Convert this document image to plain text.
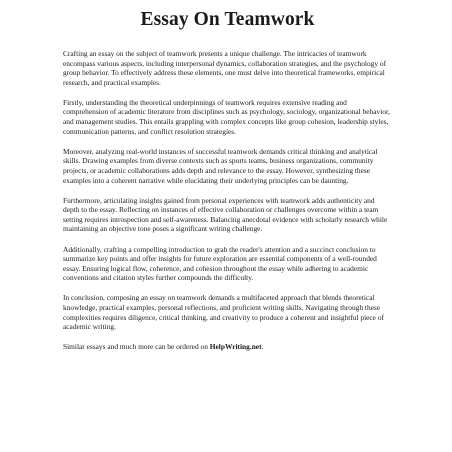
Essay On Teamwork

Crafting an essay on the subject of teamwork presents a unique challenge. The intricacies of teamwork encompass various aspects, including interpersonal dynamics, collaboration strategies, and the psychology of group behavior. To effectively address these elements, one must delve into theoretical frameworks, empirical research, and practical examples.

Firstly, understanding the theoretical underpinnings of teamwork requires extensive reading and comprehension of academic literature from disciplines such as psychology, sociology, organizational behavior, and management studies. This entails grappling with complex concepts like group cohesion, leadership styles, communication patterns, and conflict resolution strategies.

Moreover, analyzing real-world instances of successful teamwork demands critical thinking and analytical skills. Drawing examples from diverse contexts such as sports teams, business organizations, community projects, or academic collaborations adds depth and relevance to the essay. However, synthesizing these examples into a coherent narrative while elucidating their underlying principles can be daunting.

Furthermore, articulating insights gained from personal experiences with teamwork adds authenticity and depth to the essay. Reflecting on instances of effective collaboration or challenges overcome within a team setting requires introspection and self-awareness. Balancing anecdotal evidence with scholarly research while maintaining an objective tone poses a significant writing challenge.

Additionally, crafting a compelling introduction to grab the reader's attention and a succinct conclusion to summarize key points and offer insights for future exploration are essential components of a well-rounded essay. Ensuring logical flow, coherence, and cohesion throughout the essay while adhering to academic conventions and citation styles further compounds the difficulty.

In conclusion, composing an essay on teamwork demands a multifaceted approach that blends theoretical knowledge, practical examples, personal reflections, and proficient writing skills. Navigating through these complexities requires diligence, critical thinking, and creativity to produce a coherent and insightful piece of academic writing.

Similar essays and much more can be ordered on HelpWriting.net.
